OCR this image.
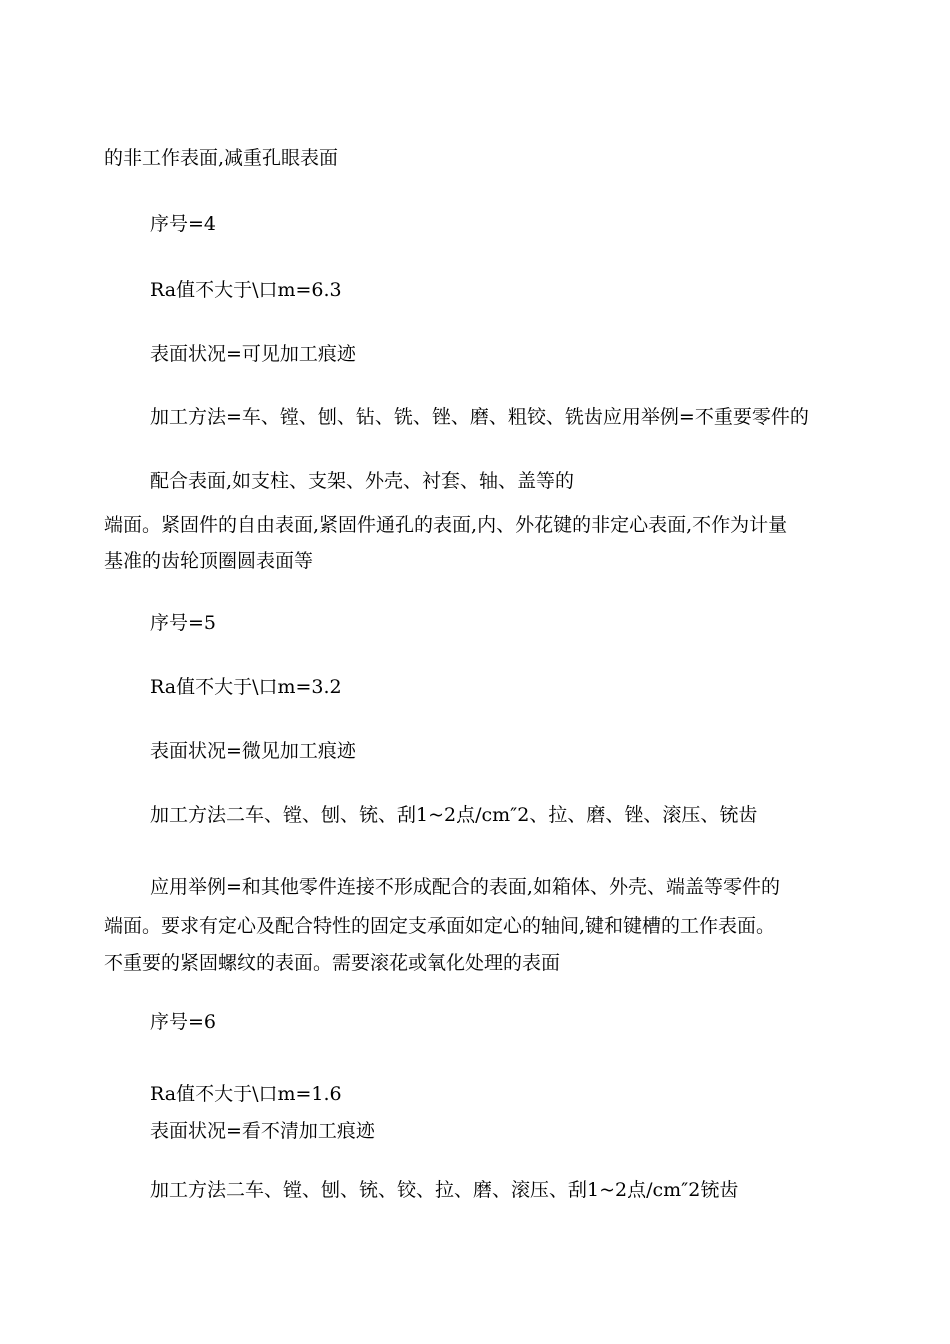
的非工作表面,减重孔眼表面
序号=4
Ra值不大于\口m=6.3
表面状况=可见加工痕迹
加工方法=车、镗、刨、钻、铣、锉、磨、粗铰、铣齿应用举例=不重要零件的
配合表面,如支柱、支架、外壳、衬套、轴、盖等的
端面。紧固件的自由表面,紧固件通孔的表面,内、外花键的非定心表面,不作为计量
基准的齿轮顶圈圆表面等
序号=5
Ra值不大于\口m=3.2
表面状况=微见加工痕迹
加工方法二车、镗、刨、铳、刮1~2点/cm″2、拉、磨、锉、滚压、铳齿
应用举例=和其他零件连接不形成配合的表面,如箱体、外壳、端盖等零件的
端面。要求有定心及配合特性的固定支承面如定心的轴间,键和键槽的工作表面。
不重要的紧固螺纹的表面。需要滚花或氧化处理的表面
序号=6
Ra值不大于\口m=1.6
表面状况=看不清加工痕迹
加工方法二车、镗、刨、铳、铰、拉、磨、滚压、刮1~2点/cm″2铳齿
